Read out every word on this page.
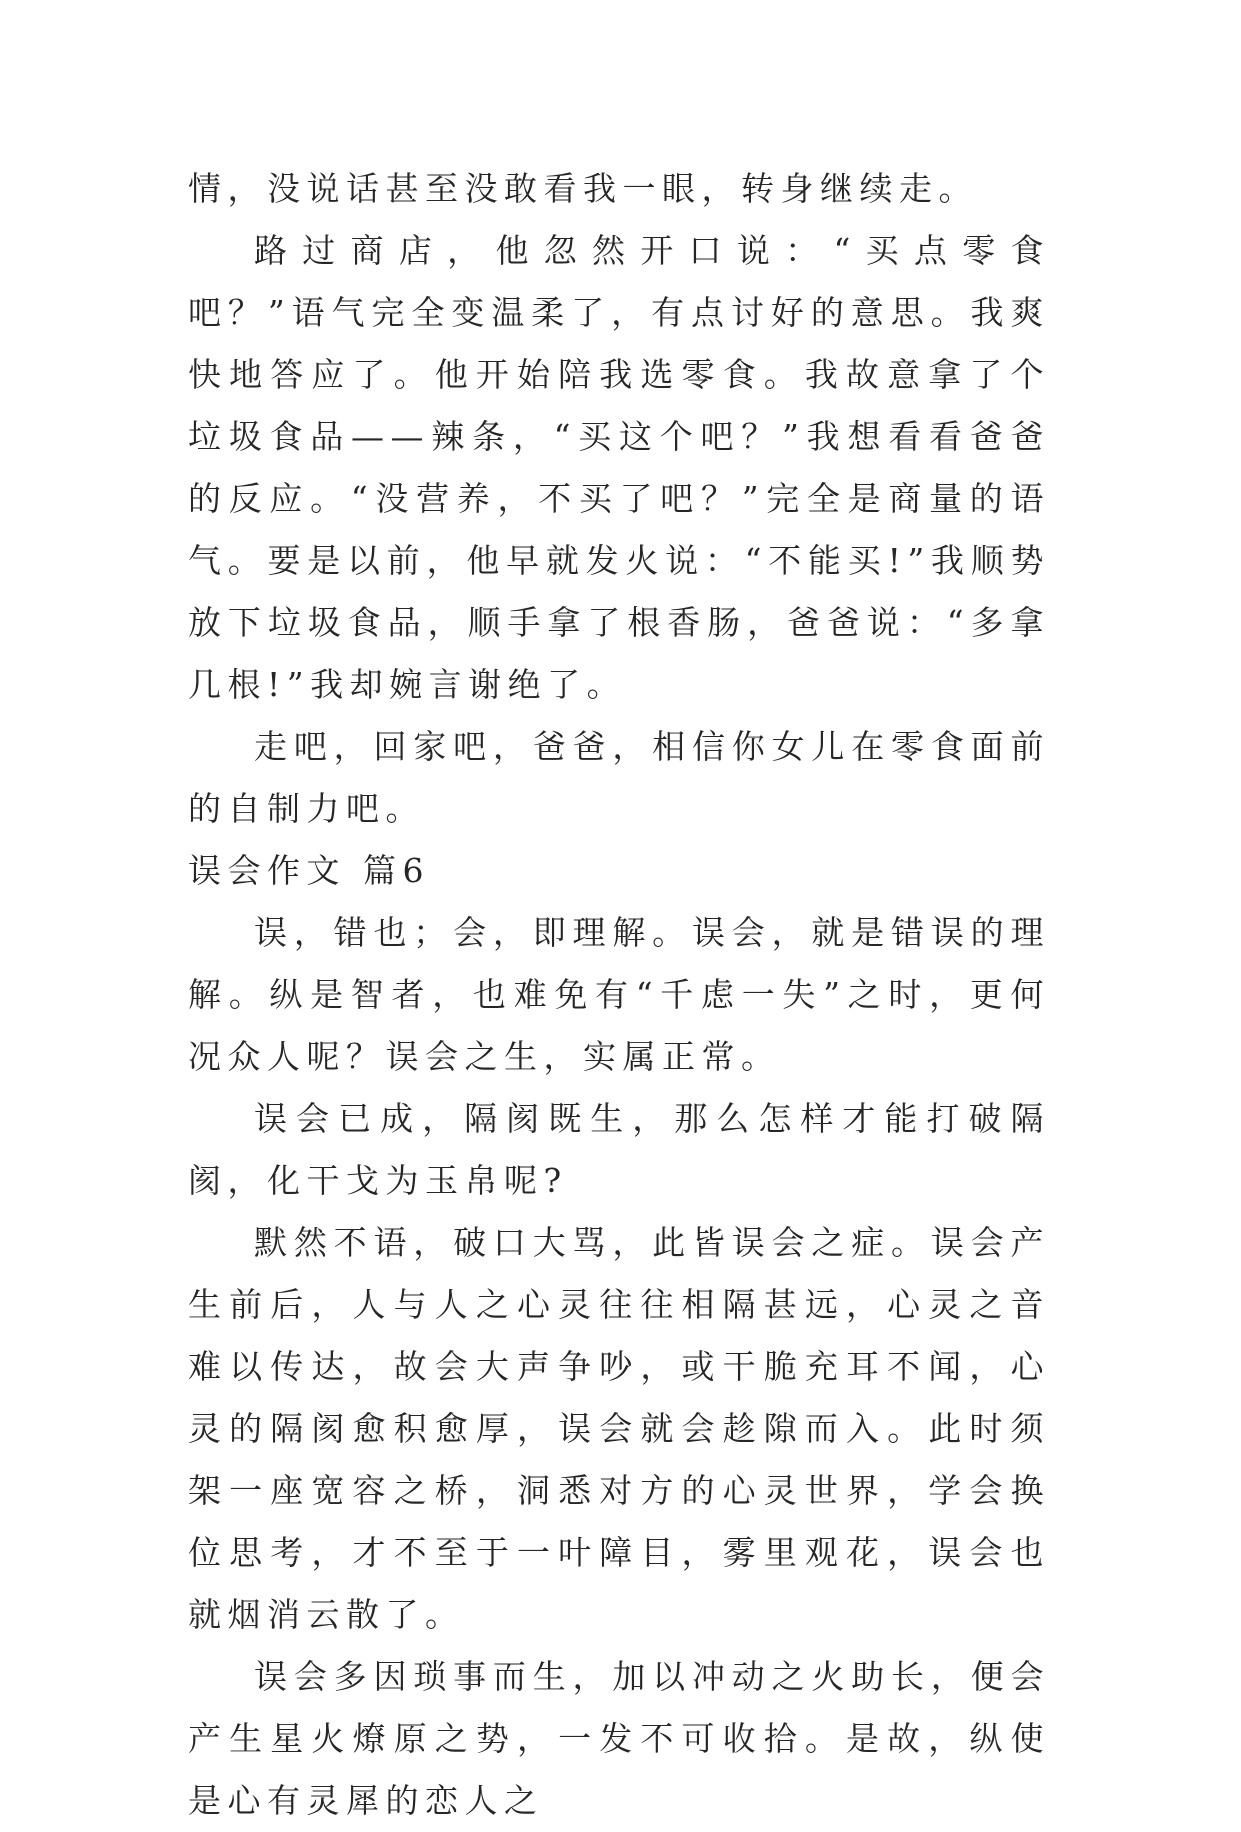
情，没说话甚至没敢看我一眼，转身继续走。

路过商店，他忽然开口说：“买点零食吧？”语气完全变温柔了，有点讨好的意思。我爽快地答应了。他开始陪我选零食。我故意拿了个垃圾食品——辣条，“买这个吧？”我想看看爸爸的反应。“没营养，不买了吧？”完全是商量的语气。要是以前，他早就发火说：“不能买!”我顺势放下垃圾食品，顺手拿了根香肠，爸爸说：“多拿几根!”我却婉言谢绝了。

走吧，回家吧，爸爸，相信你女儿在零食面前的自制力吧。

误会作文 篇6

误，错也；会，即理解。误会，就是错误的理解。纵是智者，也难免有“千虑一失”之时，更何况众人呢？误会之生，实属正常。

误会已成，隔阂既生，那么怎样才能打破隔阂，化干戈为玉帛呢?

默然不语，破口大骂，此皆误会之症。误会产生前后，人与人之心灵往往相隔甚远，心灵之音难以传达，故会大声争吵，或干脆充耳不闻，心灵的隔阂愈积愈厚，误会就会趁隙而入。此时须架一座宽容之桥，洞悉对方的心灵世界，学会换位思考，才不至于一叶障目，雾里观花，误会也就烟消云散了。

误会多因琐事而生，加以冲动之火助长，便会产生星火燎原之势，一发不可收拾。是故，纵使是心有灵犀的恋人之
